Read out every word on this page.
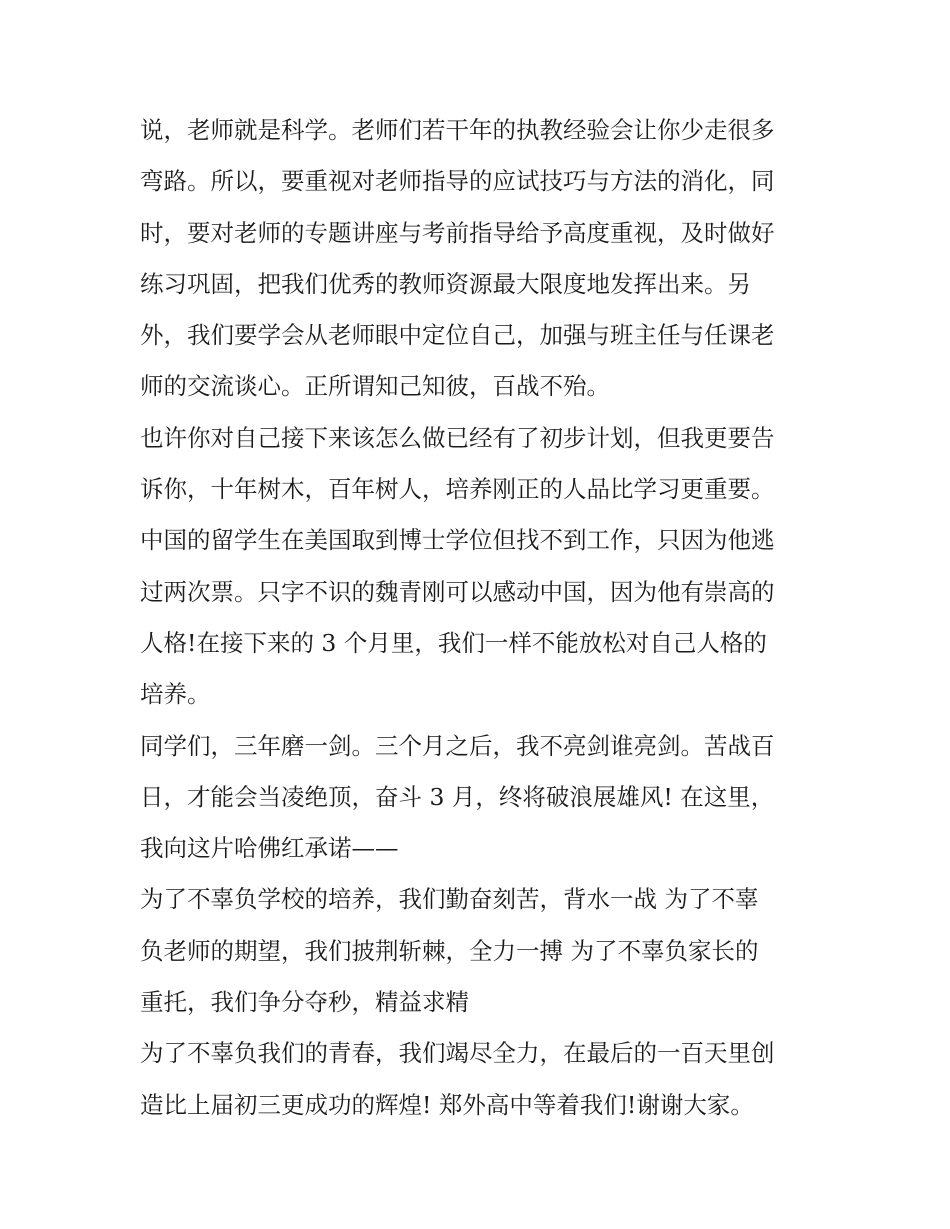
说，老师就是科学。老师们若干年的执教经验会让你少走很多
弯路。所以，要重视对老师指导的应试技巧与方法的消化，同
时，要对老师的专题讲座与考前指导给予高度重视，及时做好
练习巩固，把我们优秀的教师资源最大限度地发挥出来。另
外，我们要学会从老师眼中定位自己，加强与班主任与任课老
师的交流谈心。正所谓知己知彼，百战不殆。
也许你对自己接下来该怎么做已经有了初步计划，但我更要告
诉你，十年树木，百年树人，培养刚正的人品比学习更重要。
中国的留学生在美国取到博士学位但找不到工作，只因为他逃
过两次票。只字不识的魏青刚可以感动中国，因为他有崇高的
人格!在接下来的 3 个月里，我们一样不能放松对自己人格的
培养。
同学们，三年磨一剑。三个月之后，我不亮剑谁亮剑。苦战百
日，才能会当凌绝顶，奋斗 3 月，终将破浪展雄风! 在这里，
我向这片哈佛红承诺——
为了不辜负学校的培养，我们勤奋刻苦，背水一战 为了不辜
负老师的期望，我们披荆斩棘，全力一搏 为了不辜负家长的
重托，我们争分夺秒，精益求精
为了不辜负我们的青春，我们竭尽全力，在最后的一百天里创
造比上届初三更成功的辉煌! 郑外高中等着我们!谢谢大家。
